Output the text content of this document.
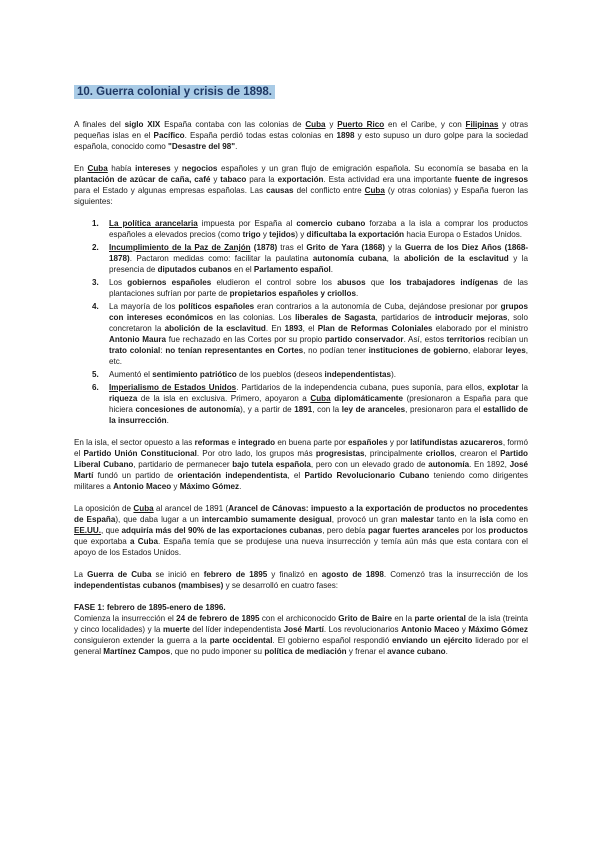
10. Guerra colonial y crisis de 1898.
A finales del siglo XIX España contaba con las colonias de Cuba y Puerto Rico en el Caribe, y con Filipinas y otras pequeñas islas en el Pacífico. España perdió todas estas colonias en 1898 y esto supuso un duro golpe para la sociedad española, conocido como "Desastre del 98".
En Cuba había intereses y negocios españoles y un gran flujo de emigración española. Su economía se basaba en la plantación de azúcar de caña, café y tabaco para la exportación. Esta actividad era una importante fuente de ingresos para el Estado y algunas empresas españolas. Las causas del conflicto entre Cuba (y otras colonias) y España fueron las siguientes:
1. La política arancelaria impuesta por España al comercio cubano forzaba a la isla a comprar los productos españoles a elevados precios (como trigo y tejidos) y dificultaba la exportación hacia Europa o Estados Unidos.
2. Incumplimiento de la Paz de Zanjón (1878) tras el Grito de Yara (1868) y la Guerra de los Diez Años (1868-1878). Pactaron medidas como: facilitar la paulatina autonomía cubana, la abolición de la esclavitud y la presencia de diputados cubanos en el Parlamento español.
3. Los gobiernos españoles eludieron el control sobre los abusos que los trabajadores indígenas de las plantaciones sufrían por parte de propietarios españoles y criollos.
4. La mayoría de los políticos españoles eran contrarios a la autonomía de Cuba, dejándose presionar por grupos con intereses económicos en las colonias. Los liberales de Sagasta, partidarios de introducir mejoras, solo concretaron la abolición de la esclavitud. En 1893, el Plan de Reformas Coloniales elaborado por el ministro Antonio Maura fue rechazado en las Cortes por su propio partido conservador. Así, estos territorios recibían un trato colonial: no tenían representantes en Cortes, no podían tener instituciones de gobierno, elaborar leyes, etc.
5. Aumentó el sentimiento patriótico de los pueblos (deseos independentistas).
6. Imperialismo de Estados Unidos. Partidarios de la independencia cubana, pues suponía, para ellos, explotar la riqueza de la isla en exclusiva. Primero, apoyaron a Cuba diplomáticamente (presionaron a España para que hiciera concesiones de autonomía), y a partir de 1891, con la ley de aranceles, presionaron para el estallido de la insurrección.
En la isla, el sector opuesto a las reformas e integrado en buena parte por españoles y por latifundistas azucareros, formó el Partido Unión Constitucional. Por otro lado, los grupos más progresistas, principalmente criollos, crearon el Partido Liberal Cubano, partidario de permanecer bajo tutela española, pero con un elevado grado de autonomía. En 1892, José Martí fundó un partido de orientación independentista, el Partido Revolucionario Cubano teniendo como dirigentes militares a Antonio Maceo y Máximo Gómez.
La oposición de Cuba al arancel de 1891 (Arancel de Cánovas: impuesto a la exportación de productos no procedentes de España), que daba lugar a un intercambio sumamente desigual, provocó un gran malestar tanto en la isla como en EE.UU., que adquiría más del 90% de las exportaciones cubanas, pero debía pagar fuertes aranceles por los productos que exportaba a Cuba. España temía que se produjese una nueva insurrección y temía aún más que esta contara con el apoyo de los Estados Unidos.
La Guerra de Cuba se inició en febrero de 1895 y finalizó en agosto de 1898. Comenzó tras la insurrección de los independentistas cubanos (mambises) y se desarrolló en cuatro fases:
FASE 1: febrero de 1895-enero de 1896.
Comienza la insurrección el 24 de febrero de 1895 con el archiconocido Grito de Baire en la parte oriental de la isla (treinta y cinco localidades) y la muerte del líder independentista José Martí. Los revolucionarios Antonio Maceo y Máximo Gómez consiguieron extender la guerra a la parte occidental. El gobierno español respondió enviando un ejército liderado por el general Martínez Campos, que no pudo imponer su política de mediación y frenar el avance cubano.
